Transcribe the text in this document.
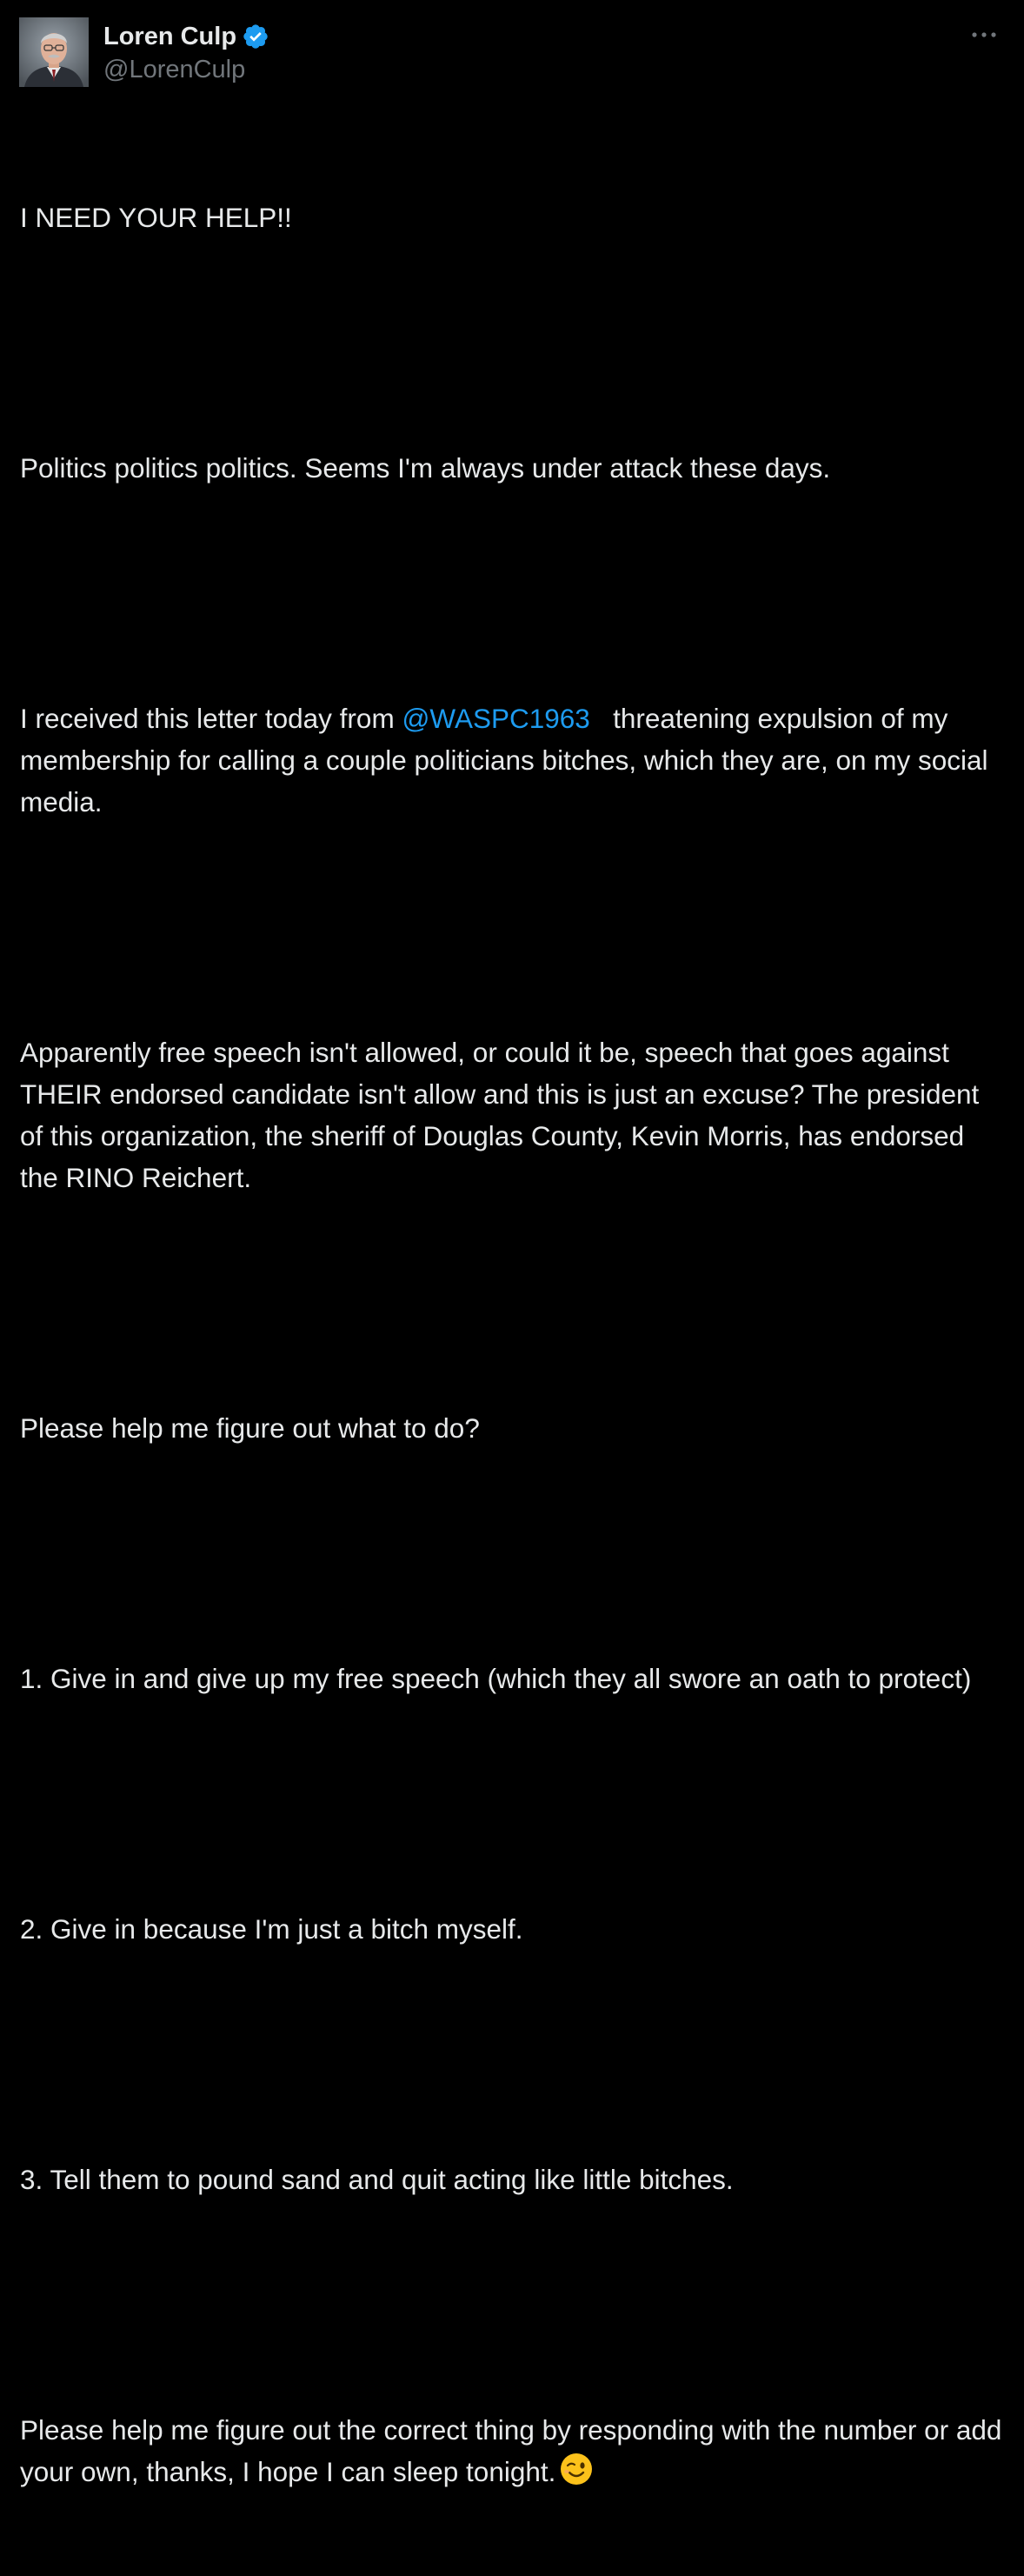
Loren Culp
@LorenCulp

I NEED YOUR HELP!!

Politics politics politics. Seems I'm always under attack these days.

I received this letter today from @WASPC1963   threatening expulsion of my membership for calling a couple politicians bitches, which they are, on my social media.

Apparently free speech isn't allowed, or could it be, speech that goes against THEIR endorsed candidate isn't allow and this is just an excuse? The president of this organization, the sheriff of Douglas County, Kevin Morris, has endorsed the RINO Reichert.

Please help me figure out what to do?

1. Give in and give up my free speech (which they all swore an oath to protect)

2. Give in because I'm just a bitch myself.

3. Tell them to pound sand and quit acting like little bitches.

Please help me figure out the correct thing by responding with the number or add your own, thanks, I hope I can sleep tonight.
